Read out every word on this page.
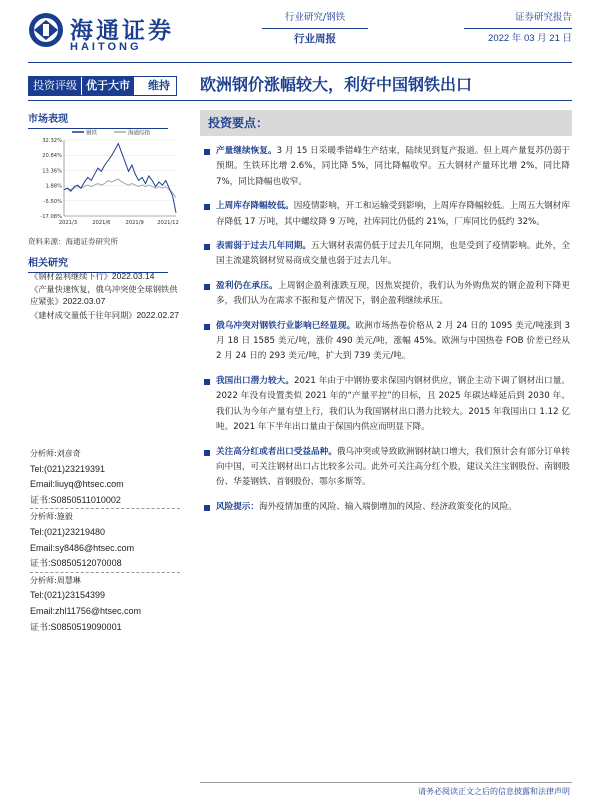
海通证券
HAITONG
行业研究/钢铁
行业周报
证券研究报告
2022 年 03 月 21 日
投资评级 优于大市	维持	欧洲钢价涨幅较大，利好中国钢铁出口
市场表现
钢铁	海通综指
32.32%
20.84%
13.36%
1.88%
-5.50%
-17.08%
2021/3	2021/6	2021/9	2021/12
资料来源：海通证券研究所
相关研究
《钢材盈利继续下行》2022.03.14
《产量快速恢复，俄乌冲突使全球钢铁供应紧张》2022.03.07
《建材成交量低于往年同期》2022.02.27
分析师:刘彦奇
Tel:(021)23219391
Email:liuyq@htsec.com
证书:S0850511010002
分析师:施毅
Tel:(021)23219480
Email:sy8486@htsec.com
证书:S0850512070008
分析师:周慧琳
Tel:(021)23154399
Email:zhl11756@htsec.com
证书:S0850519090001
投资要点：
产量继续恢复。3 月 15 日采暖季错峰生产结束，陆续见到复产报道。但上周产量复苏仍弱于预期。生铁环比增 2.6%，同比降 5%，同比降幅收窄。五大钢材产量环比增 2%，同比降 7%，同比降幅也收窄。
上周库存降幅较低。因疫情影响，开工和运输受到影响，上周库存降幅较低。上周五大钢材库存降低 17 万吨，其中螺纹降 9 万吨，社库同比仍低约 21%，厂库同比仍低约 32%。
表需弱于过去几年同期。五大钢材表需仍低于过去几年同期，也是受到了疫情影响。此外，全国主流建筑钢材贸易商成交量也弱于过去几年。
盈利仍在承压。上周钢企盈利涨跌互现，因焦炭提价，我们认为外购焦炭的钢企盈利下降更多，我们认为在需求不振和复产情况下，钢企盈利继续承压。
俄乌冲突对钢铁行业影响已经显现。欧洲市场热卷价格从 2 月 24 日的 1095 美元/吨涨到 3 月 18 日 1585 美元/吨，涨价 490 美元/吨，涨幅 45%。欧洲与中国热卷 FOB 价差已经从 2 月 24 日的 293 美元/吨，扩大到 739 美元/吨。
我国出口潜力较大。2021 年由于中钢协要求保国内钢材供应，钢企主动下调了钢材出口量。2022 年没有设置类似 2021 年的“产量平控”的目标，且 2025 年碳达峰延后到 2030 年。我们认为今年产量有望上行，我们认为我国钢材出口潜力比较大。2015 年我国出口 1.12 亿吨。2021 年下半年出口量由于保国内供应而明显下降。
关注高分红或者出口受益品种。俄乌冲突或导致欧洲钢材缺口增大，我们预计会有部分订单转向中国，可关注钢材出口占比较多公司。此外可关注高分红个股，建议关注宝钢股份、南钢股份、华菱钢铁、首钢股份、鄂尔多斯等。
风险提示：海外疫情加重的风险、输入端倒增加的风险、经济政策变化的风险。
请务必阅读正文之后的信息披露和法律声明
